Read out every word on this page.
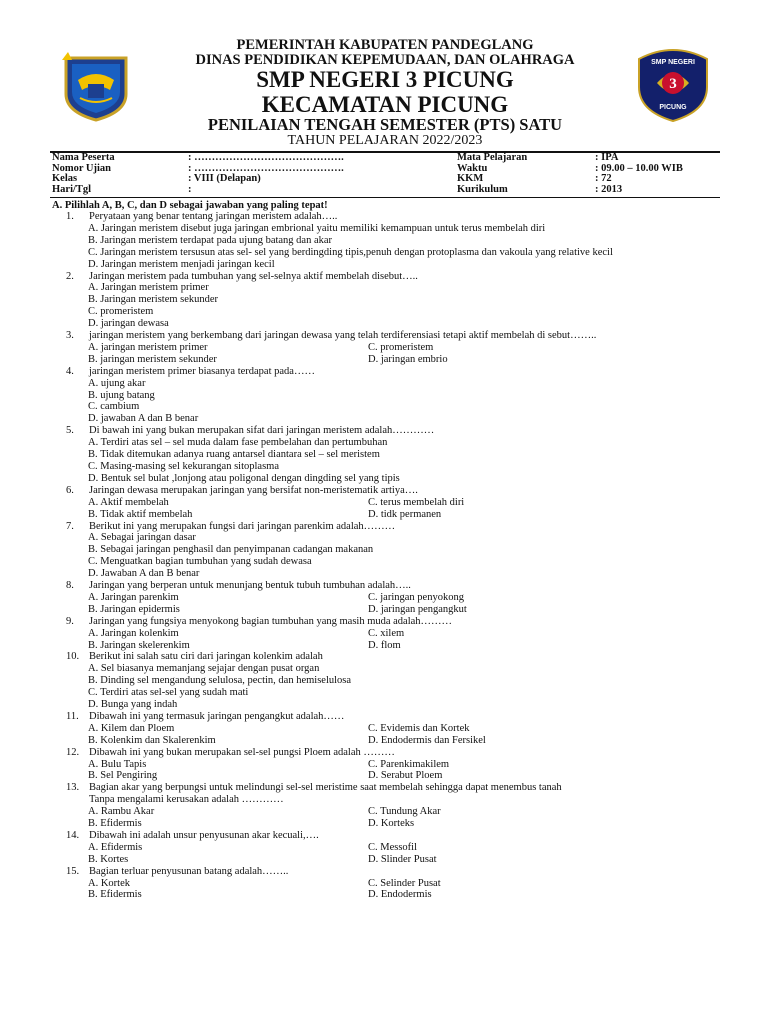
3
SMP NEGERI
PICUNG
PEMERINTAH KABUPATEN PANDEGLANG
DINAS PENDIDIKAN KEPEMUDAAN, DAN OLAHRAGA
SMP NEGERI 3 PICUNG
KECAMATAN PICUNG
PENILAIAN TENGAH SEMESTER (PTS) SATU
TAHUN PELAJARAN 2022/2023
Nama Peserta	: …………………………………….	Mata Pelajaran	: IPA
Nomor Ujian	: …………………………………….	Waktu	: 09.00 – 10.00 WIB
Kelas	: VIII (Delapan)	KKM	: 72
Hari/Tgl	:	Kurikulum	: 2013
A. Pilihlah A, B, C, dan D sebagai jawaban yang paling tepat!
1. Peryataan yang benar tentang jaringan meristem adalah…..
A. Jaringan meristem disebut juga jaringan embrional yaitu memiliki kemampuan untuk terus membelah diri
B. Jaringan meristem terdapat pada ujung batang dan akar
C. Jaringan meristem tersusun atas sel- sel yang berdingding tipis,penuh dengan protoplasma dan vakoula yang relative kecil
D. Jaringan meristem menjadi jaringan kecil
2. Jaringan meristem pada tumbuhan yang sel-selnya aktif membelah disebut…..
A. Jaringan meristem primer
B. Jaringan meristem sekunder
C. promeristem
D. jaringan dewasa
3. jaringan meristem yang berkembang dari jaringan dewasa yang telah terdiferensiasi tetapi aktif membelah di sebut……..
A. jaringan meristem primer	C. promeristem
B. jaringan meristem sekunder	D. jaringan embrio
4. jaringan meristem primer biasanya terdapat pada……
A. ujung akar
B. ujung batang
C. cambium
D. jawaban A dan B benar
5. Di bawah ini yang bukan merupakan sifat dari jaringan meristem adalah…………
A. Terdiri atas sel – sel muda dalam fase pembelahan dan pertumbuhan
B. Tidak ditemukan adanya ruang antarsel diantara sel – sel meristem
C. Masing-masing sel kekurangan sitoplasma
D. Bentuk sel bulat ,lonjong atau poligonal dengan dingding sel yang tipis
6. Jaringan dewasa merupakan jaringan yang bersifat non-meristematik artiya….
A. Aktif membelah	C. terus membelah diri
B. Tidak aktif membelah	D. tidk permanen
7. Berikut ini yang merupakan fungsi dari jaringan parenkim adalah………
A. Sebagai jaringan dasar
B. Sebagai jaringan penghasil dan penyimpanan cadangan makanan
C. Menguatkan bagian tumbuhan yang sudah dewasa
D. Jawaban A dan B benar
8. Jaringan yang berperan untuk menunjang bentuk tubuh tumbuhan adalah…..
A. Jaringan parenkim	C. jaringan penyokong
B. Jaringan epidermis	D. jaringan pengangkut
9. Jaringan yang fungsiya menyokong bagian tumbuhan yang masih muda adalah………
A. Jaringan kolenkim	C. xilem
B. Jaringan skelerenkim	D. flom
10. Berikut ini salah satu ciri dari jaringan kolenkim adalah
A. Sel biasanya memanjang sejajar dengan pusat organ
B. Dinding sel mengandung selulosa, pectin, dan hemiselulosa
C. Terdiri atas sel-sel yang sudah mati
D. Bunga yang indah
11. Dibawah ini yang termasuk jaringan pengangkut adalah……
A. Kilem dan Ploem	C. Evidemis dan Kortek
B. Kolenkim dan Skalerenkim	D. Endodermis dan Fersikel
12. Dibawah ini yang bukan merupakan sel-sel pungsi Ploem adalah ………
A. Bulu Tapis	C. Parenkimakilem
B. Sel Pengiring	D. Serabut Ploem
13. Bagian akar yang berpungsi untuk melindungi sel-sel meristime saat membelah sehingga dapat menembus tanah
Tanpa mengalami kerusakan adalah …………
A. Rambu Akar	C. Tundung Akar
B. Efidermis	D. Korteks
14. Dibawah ini adalah unsur penyusunan akar kecuali,….
A. Efidermis	C. Messofil
B. Kortes	D. Slinder Pusat
15. Bagian terluar penyusunan batang adalah……..
A. Kortek	C. Selinder Pusat
B. Efidermis	D. Endodermis
